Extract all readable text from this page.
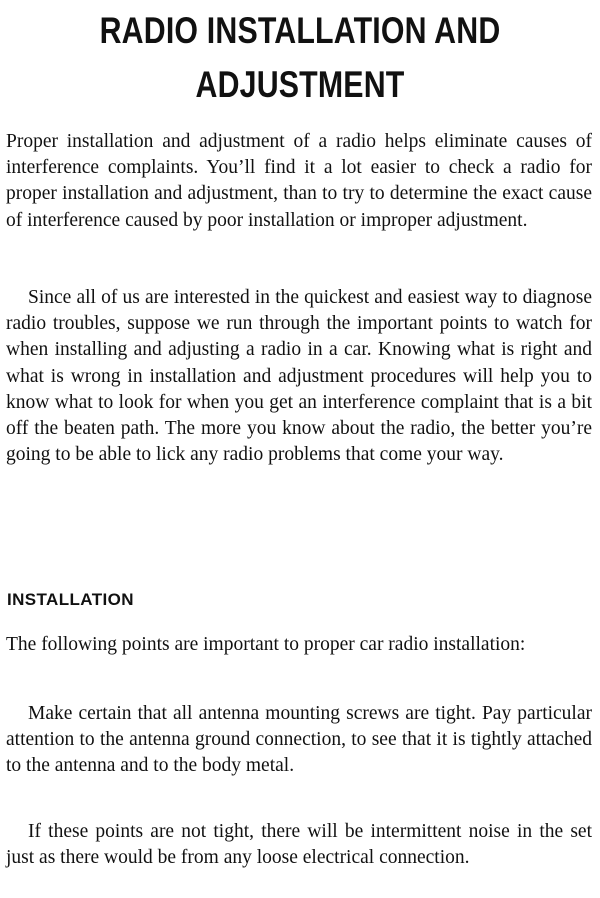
RADIO INSTALLATION AND
ADJUSTMENT

Proper installation and adjustment of a radio helps eliminate causes of interference complaints. You’ll find it a lot easier to check a radio for proper installation and adjustment, than to try to determine the exact cause of interference caused by poor installation or improper adjustment.

Since all of us are interested in the quickest and easiest way to diagnose radio troubles, suppose we run through the important points to watch for when installing and adjusting a radio in a car. Knowing what is right and what is wrong in installation and adjustment procedures will help you to know what to look for when you get an interference complaint that is a bit off the beaten path. The more you know about the radio, the better you’re going to be able to lick any radio problems that come your way.

INSTALLATION

The following points are important to proper car radio installation:

Make certain that all antenna mounting screws are tight. Pay particular attention to the antenna ground connection, to see that it is tightly attached to the antenna and to the body metal.

If these points are not tight, there will be intermittent noise in the set just as there would be from any loose electrical connection.
